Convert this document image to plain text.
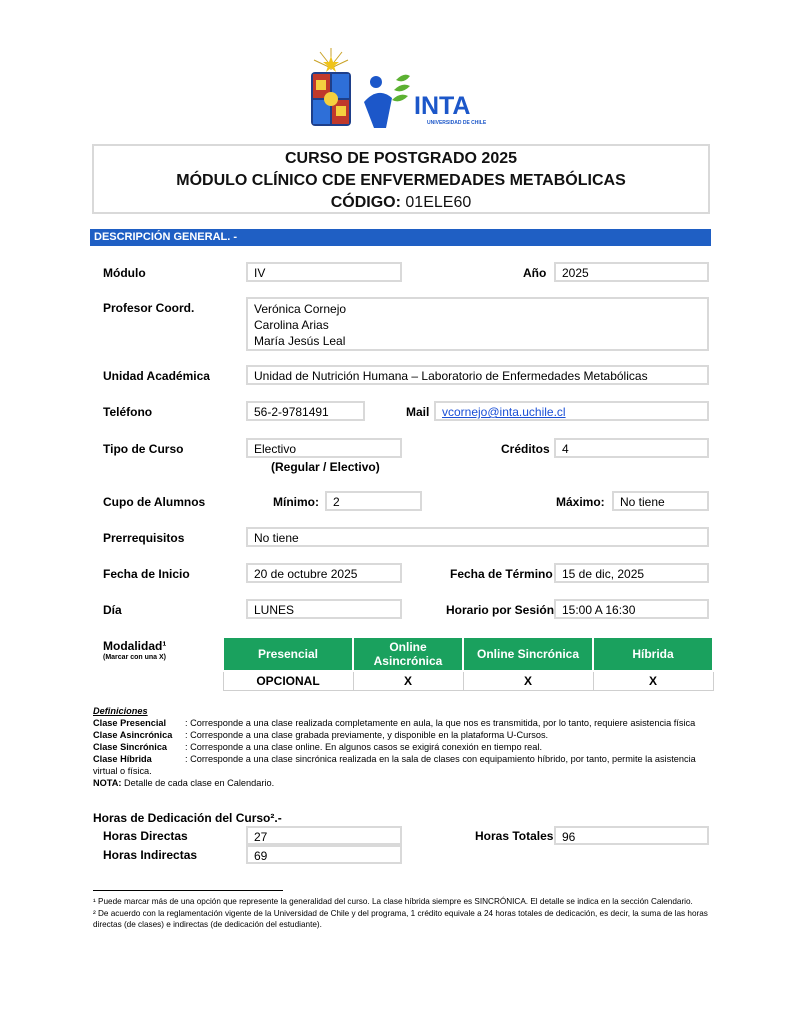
INTA
UNIVERSIDAD DE CHILE
CURSO DE POSTGRADO 2025
MÓDULO CLÍNICO CDE ENFVERMEDADES METABÓLICAS
CÓDIGO: 01ELE60
DESCRIPCIÓN GENERAL. -
Módulo	IV	Año	2025
Profesor Coord.	Verónica Cornejo
Carolina Arias
María Jesús Leal
Unidad Académica	Unidad de Nutrición Humana – Laboratorio de Enfermedades Metabólicas
Teléfono	56-2-9781491	Mail	vcornejo@inta.uchile.cl
Tipo de Curso	Electivo
(Regular / Electivo)
Créditos	4
Cupo de Alumnos	Mínimo:	2	Máximo:	No tiene
Prerrequisitos	No tiene
Fecha de Inicio	20 de octubre 2025	Fecha de Término 15 de dic, 2025
Día	LUNES	Horario por Sesión 15:00 A 16:30
Modalidad¹
(Marcar con una X)	Presencial	Online Asincrónica	Online Sincrónica	Híbrida
OPCIONAL	X	X	X
Definiciones
Clase Presencial : Corresponde a una clase realizada completamente en aula, la que nos es transmitida, por lo tanto, requiere asistencia física
Clase Asincrónica : Corresponde a una clase grabada previamente, y disponible en la plataforma U-Cursos.
Clase Sincrónica : Corresponde a una clase online. En algunos casos se exigirá conexión en tiempo real.
Clase Híbrida	: Corresponde a una clase sincrónica realizada en la sala de clases con equipamiento híbrido, por tanto, permite la asistencia
virtual o física.
NOTA: Detalle de cada clase en Calendario.
Horas de Dedicación del Curso².-
Horas Directas	27	Horas Totales 96
Horas Indirectas	69
¹ Puede marcar más de una opción que represente la generalidad del curso. La clase híbrida siempre es SINCRÓNICA. El detalle se indica en la sección Calendario.
² De acuerdo con la reglamentación vigente de la Universidad de Chile y del programa, 1 crédito equivale a 24 horas totales de dedicación, es decir, la suma de las horas directas (de clases) e indirectas (de dedicación del estudiante).
